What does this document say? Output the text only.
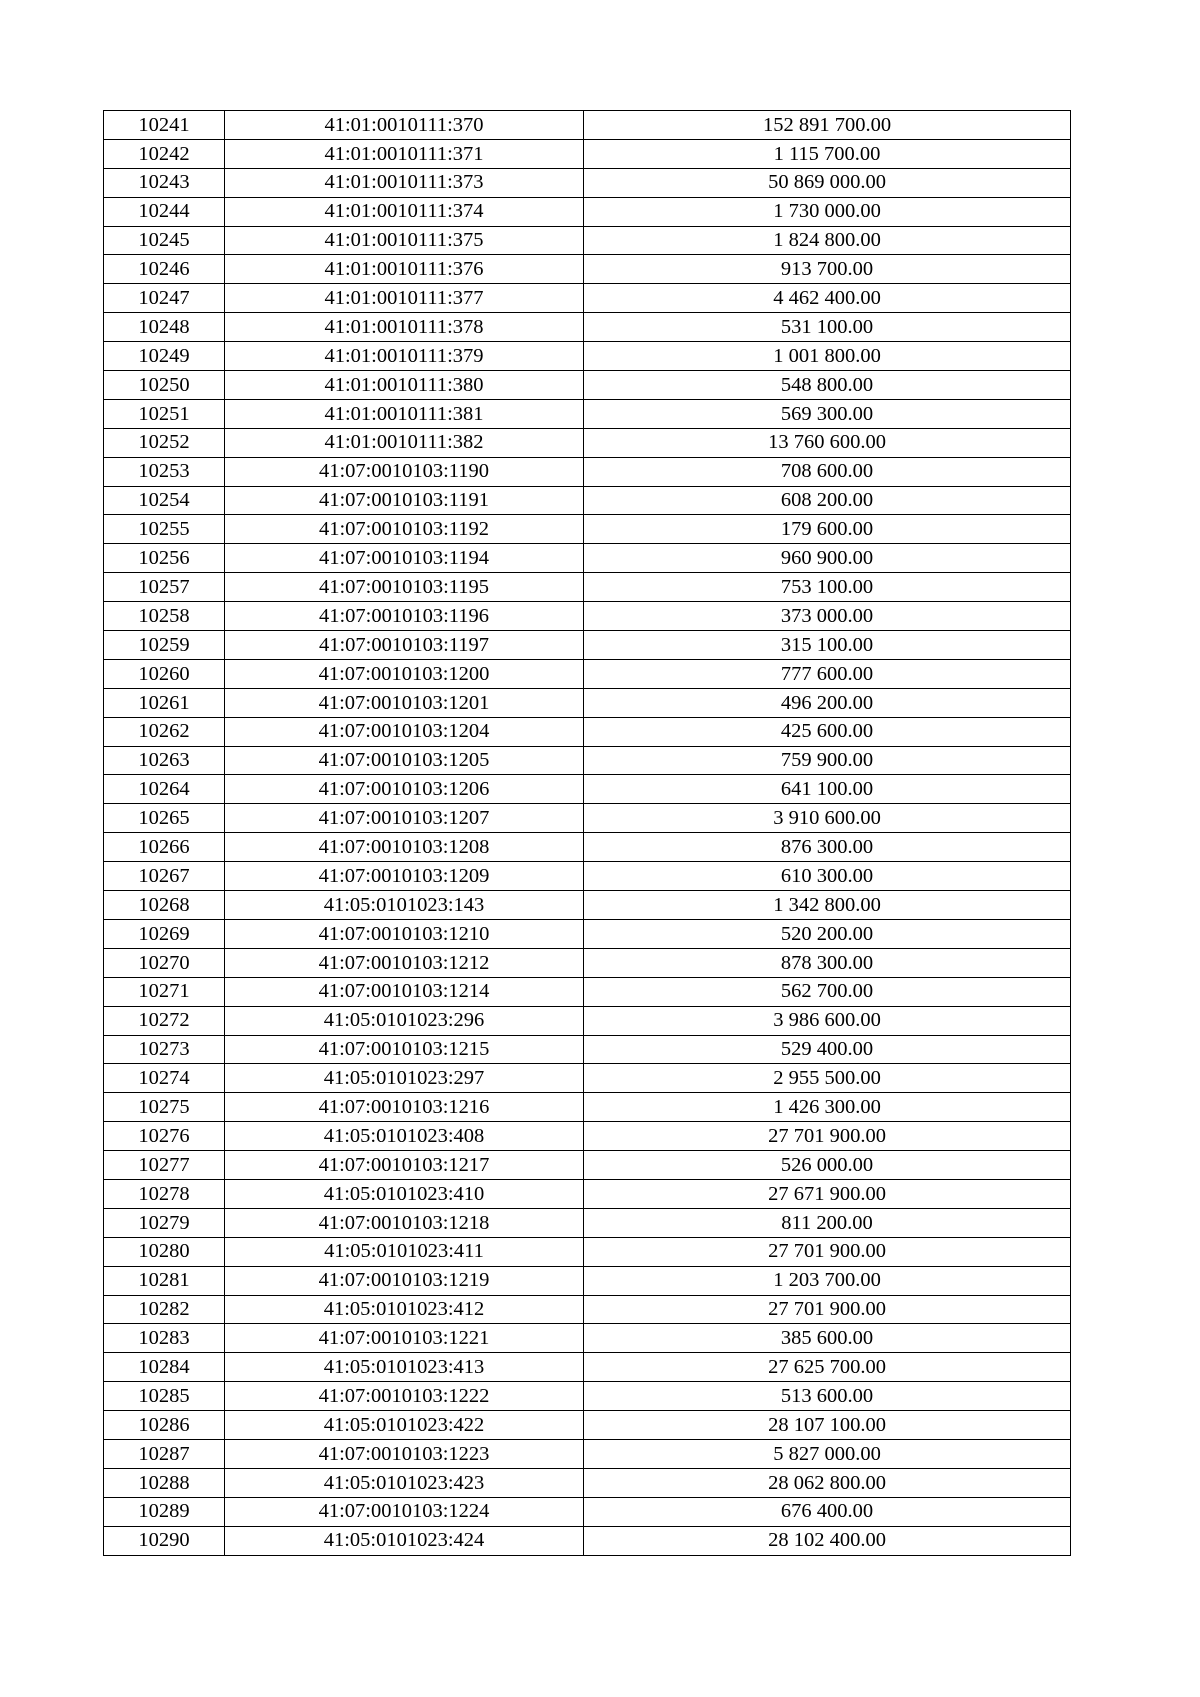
10241	41:01:0010111:370	152 891 700.00
10242	41:01:0010111:371	1 115 700.00
10243	41:01:0010111:373	50 869 000.00
10244	41:01:0010111:374	1 730 000.00
10245	41:01:0010111:375	1 824 800.00
10246	41:01:0010111:376	913 700.00
10247	41:01:0010111:377	4 462 400.00
10248	41:01:0010111:378	531 100.00
10249	41:01:0010111:379	1 001 800.00
10250	41:01:0010111:380	548 800.00
10251	41:01:0010111:381	569 300.00
10252	41:01:0010111:382	13 760 600.00
10253	41:07:0010103:1190	708 600.00
10254	41:07:0010103:1191	608 200.00
10255	41:07:0010103:1192	179 600.00
10256	41:07:0010103:1194	960 900.00
10257	41:07:0010103:1195	753 100.00
10258	41:07:0010103:1196	373 000.00
10259	41:07:0010103:1197	315 100.00
10260	41:07:0010103:1200	777 600.00
10261	41:07:0010103:1201	496 200.00
10262	41:07:0010103:1204	425 600.00
10263	41:07:0010103:1205	759 900.00
10264	41:07:0010103:1206	641 100.00
10265	41:07:0010103:1207	3 910 600.00
10266	41:07:0010103:1208	876 300.00
10267	41:07:0010103:1209	610 300.00
10268	41:05:0101023:143	1 342 800.00
10269	41:07:0010103:1210	520 200.00
10270	41:07:0010103:1212	878 300.00
10271	41:07:0010103:1214	562 700.00
10272	41:05:0101023:296	3 986 600.00
10273	41:07:0010103:1215	529 400.00
10274	41:05:0101023:297	2 955 500.00
10275	41:07:0010103:1216	1 426 300.00
10276	41:05:0101023:408	27 701 900.00
10277	41:07:0010103:1217	526 000.00
10278	41:05:0101023:410	27 671 900.00
10279	41:07:0010103:1218	811 200.00
10280	41:05:0101023:411	27 701 900.00
10281	41:07:0010103:1219	1 203 700.00
10282	41:05:0101023:412	27 701 900.00
10283	41:07:0010103:1221	385 600.00
10284	41:05:0101023:413	27 625 700.00
10285	41:07:0010103:1222	513 600.00
10286	41:05:0101023:422	28 107 100.00
10287	41:07:0010103:1223	5 827 000.00
10288	41:05:0101023:423	28 062 800.00
10289	41:07:0010103:1224	676 400.00
10290	41:05:0101023:424	28 102 400.00
